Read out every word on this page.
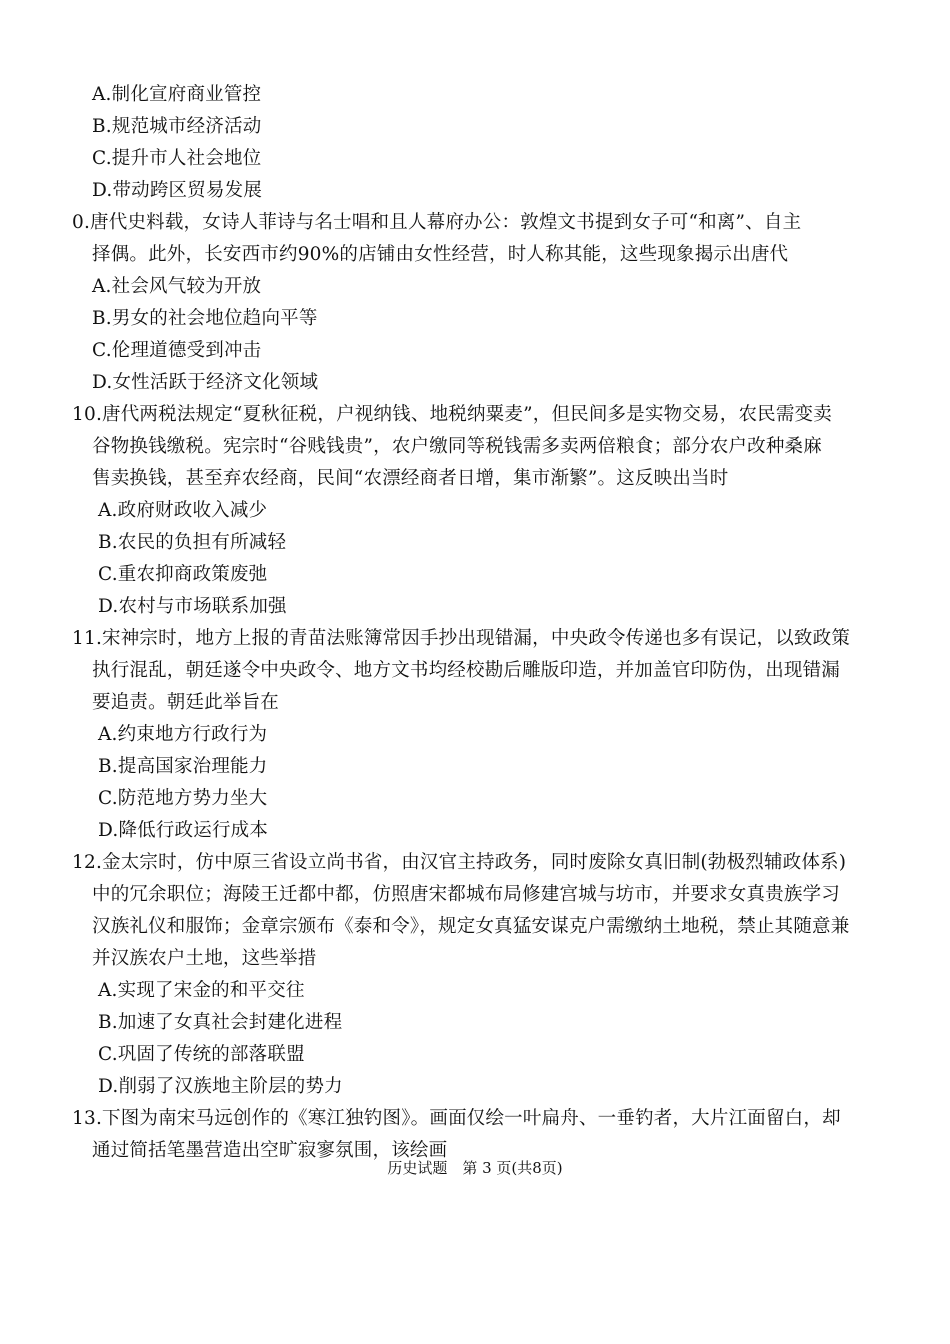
A.制化宣府商业管控
B.规范城市经济活动
C.提升市人社会地位
D.带动跨区贸易发展
0.唐代史料载，女诗人菲诗与名士唱和且人幕府办公：敦煌文书提到女子可“和离”、自主
择偶。此外，长安西市约90%的店铺由女性经营，时人称其能，这些现象揭示出唐代
A.社会风气较为开放
B.男女的社会地位趋向平等
C.伦理道德受到冲击
D.女性活跃于经济文化领域
10.唐代两税法规定“夏秋征税，户视纳钱、地税纳粟麦”，但民间多是实物交易，农民需变卖
谷物换钱缴税。宪宗时“谷贱钱贵”，农户缴同等税钱需多卖两倍粮食；部分农户改种桑麻
售卖换钱，甚至弃农经商，民间“农漂经商者日增，集市渐繁”。这反映出当时
A.政府财政收入减少
B.农民的负担有所减轻
C.重农抑商政策废弛
D.农村与市场联系加强
11.宋神宗时，地方上报的青苗法账簿常因手抄出现错漏，中央政令传递也多有误记，以致政策
执行混乱，朝廷遂令中央政令、地方文书均经校勘后雕版印造，并加盖官印防伪，出现错漏
要追责。朝廷此举旨在
A.约束地方行政行为
B.提高国家治理能力
C.防范地方势力坐大
D.降低行政运行成本
12.金太宗时，仿中原三省设立尚书省，由汉官主持政务，同时废除女真旧制(勃极烈辅政体系)
中的冗余职位；海陵王迁都中都，仿照唐宋都城布局修建宫城与坊市，并要求女真贵族学习
汉族礼仪和服饰；金章宗颁布《泰和令》，规定女真猛安谋克户需缴纳土地税，禁止其随意兼
并汉族农户土地，这些举措
A.实现了宋金的和平交往
B.加速了女真社会封建化进程
C.巩固了传统的部落联盟
D.削弱了汉族地主阶层的势力
13.下图为南宋马远创作的《寒江独钓图》。画面仅绘一叶扁舟、一垂钓者，大片江面留白，却
通过简括笔墨营造出空旷寂寥氛围，该绘画
历史试题　第 3 页(共8页)
